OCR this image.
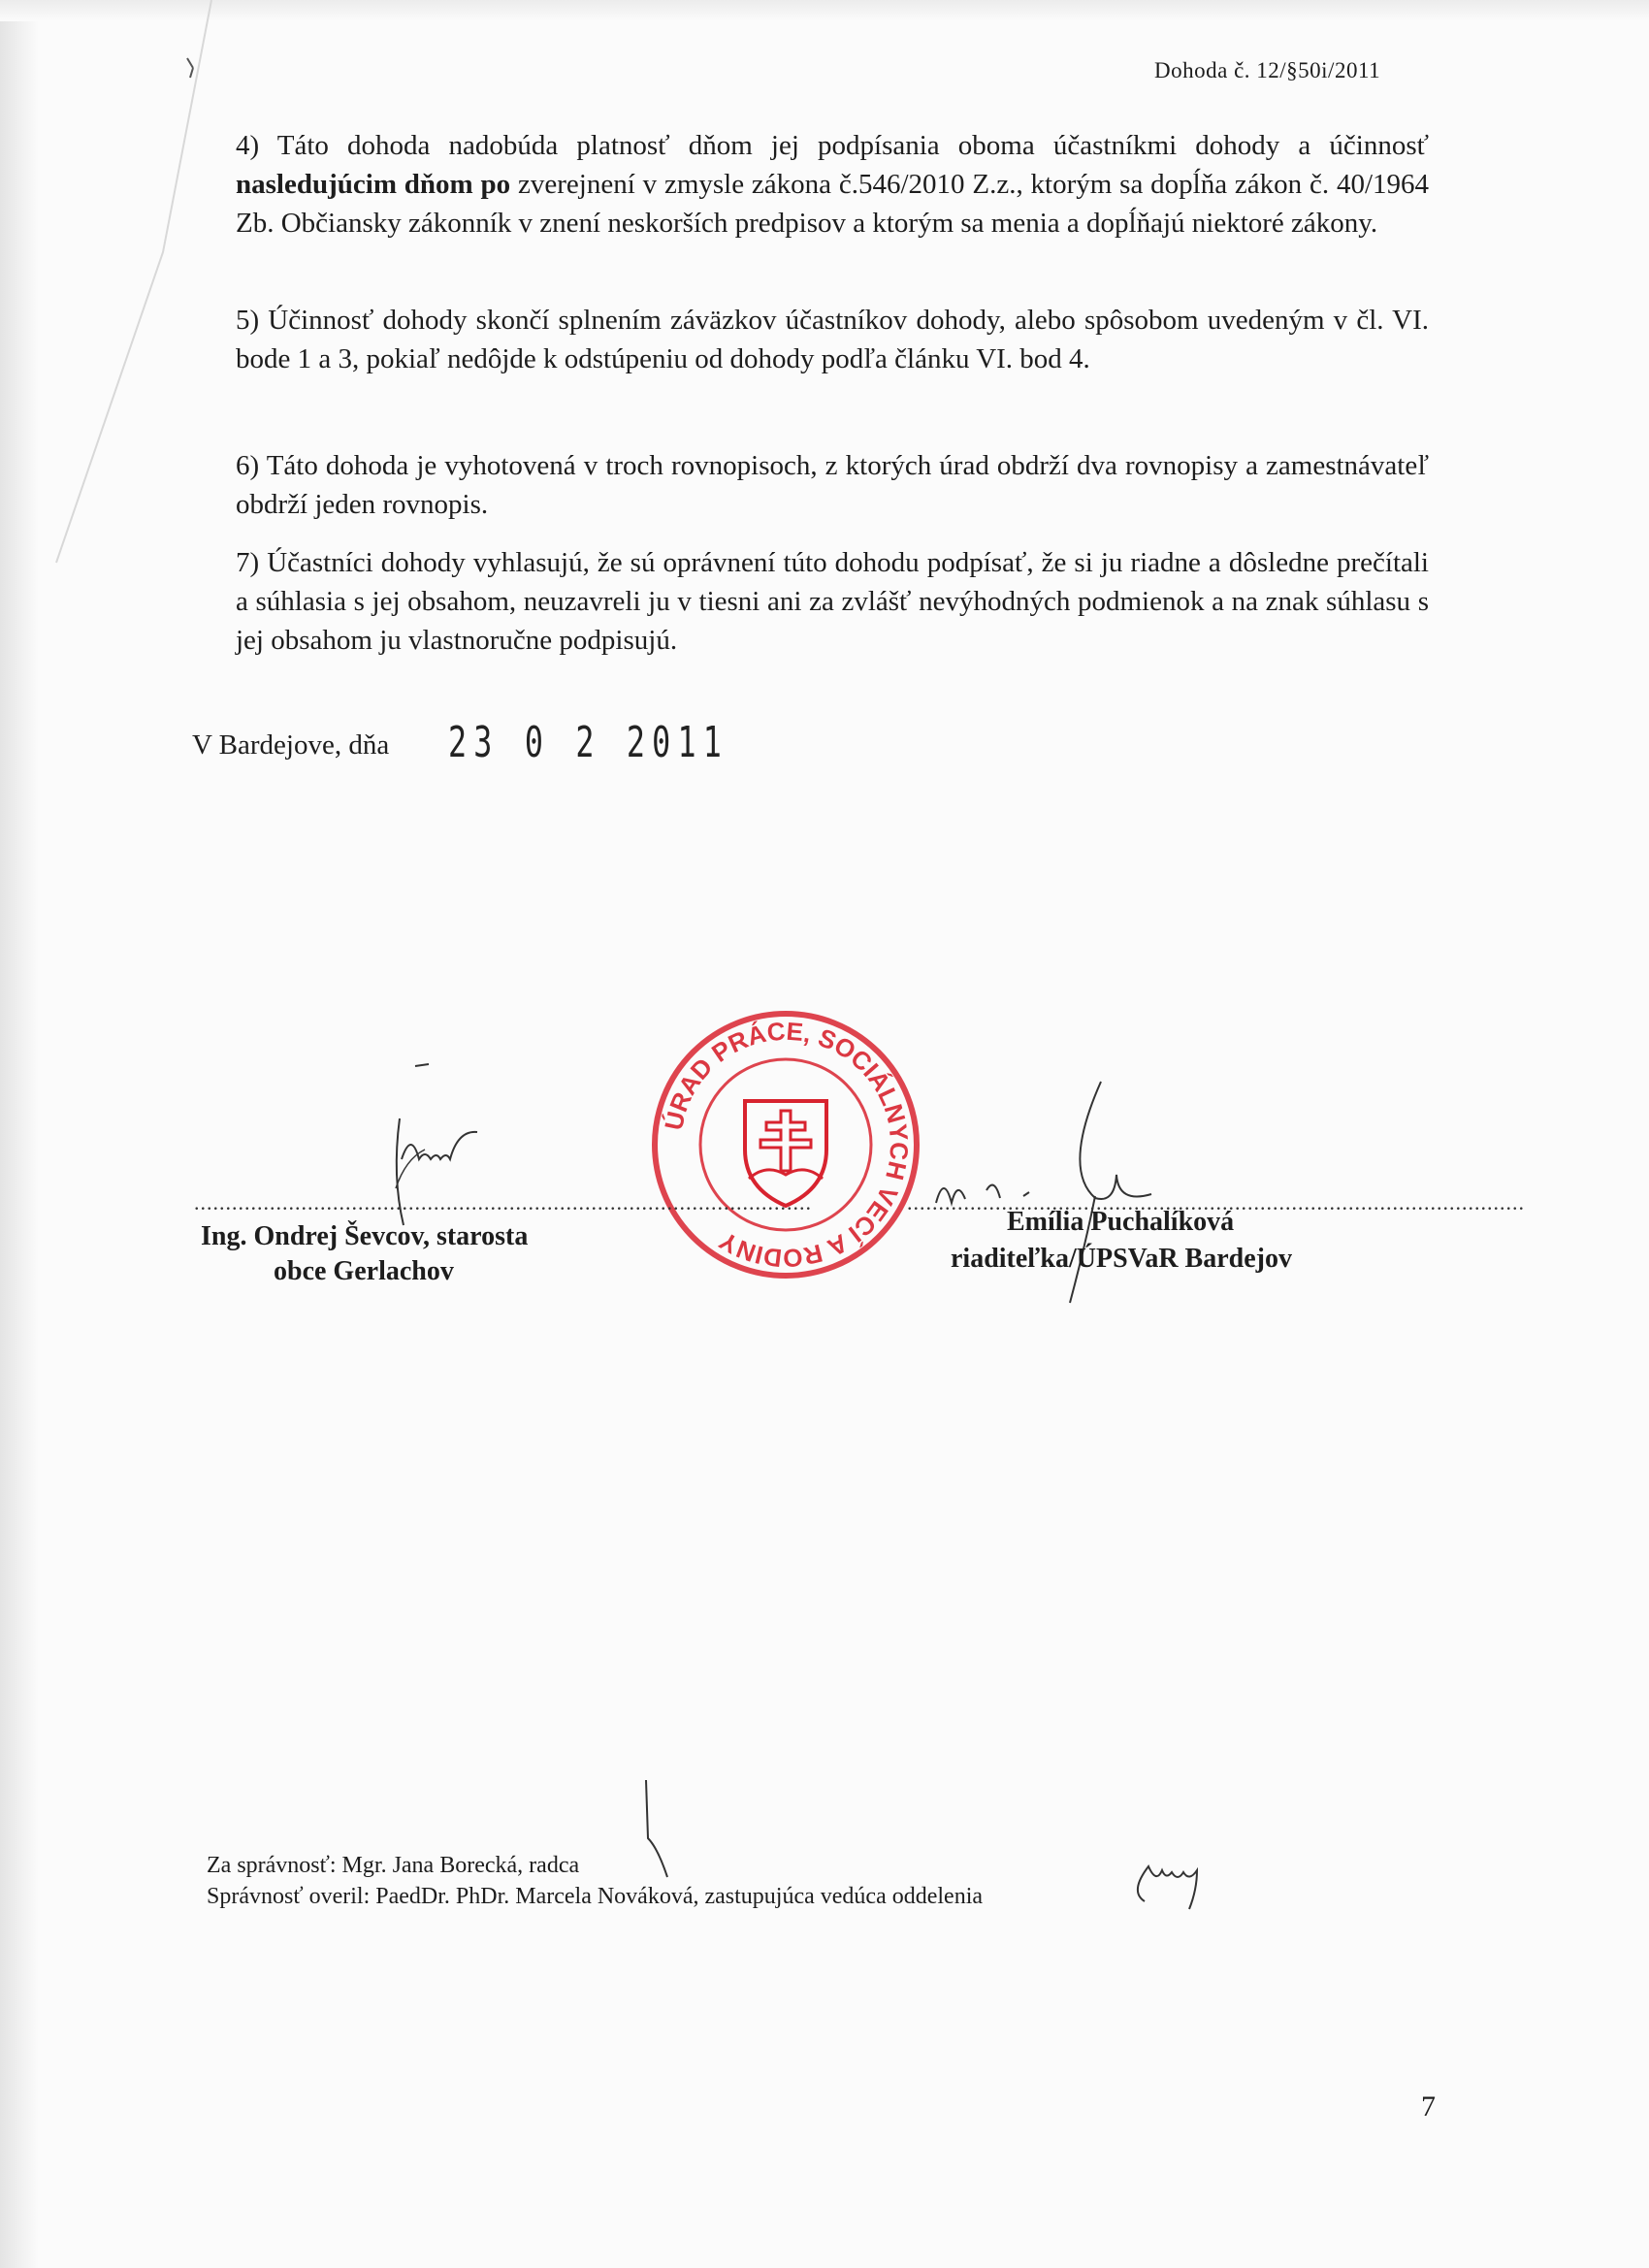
Dohoda č. 12/§50i/2011

4) Táto dohoda nadobúda platnosť dňom jej podpísania oboma účastníkmi dohody a účinnosť nasledujúcim dňom po zverejnení v zmysle zákona č.546/2010 Z.z., ktorým sa dopĺňa zákon č. 40/1964 Zb. Občiansky zákonník v znení neskorších predpisov a ktorým sa menia a dopĺňajú niektoré zákony.

5) Účinnosť dohody skončí splnením záväzkov účastníkov dohody, alebo spôsobom uvedeným v čl. VI. bode 1 a 3, pokiaľ nedôjde k odstúpeniu od dohody podľa článku VI. bod 4.

6) Táto dohoda je vyhotovená v troch rovnopisoch, z ktorých úrad obdrží dva rovnopisy a zamestnávateľ obdrží jeden rovnopis.

7) Účastníci dohody vyhlasujú, že sú oprávnení túto dohodu podpísať, že si ju riadne a dôsledne prečítali a súhlasia s jej obsahom, neuzavreli ju v tiesni ani za zvlášť nevýhodných podmienok a na znak súhlasu s jej obsahom ju vlastnoručne podpisujú.

V Bardejove, dňa 23 0 2 2011
ÚRAD PRÁCE, SOCIÁLNYCH VECÍ A RODINY
..................................................................................................	..................................................................................................
Ing. Ondrej Ševcov, starosta
obce Gerlachov
Emília Puchalíková
riaditeľka/ÚPSVaR Bardejov
Za správnosť: Mgr. Jana Borecká, radca
Správnosť overil: PaedDr. PhDr. Marcela Nováková, zastupujúca vedúca oddelenia
7
